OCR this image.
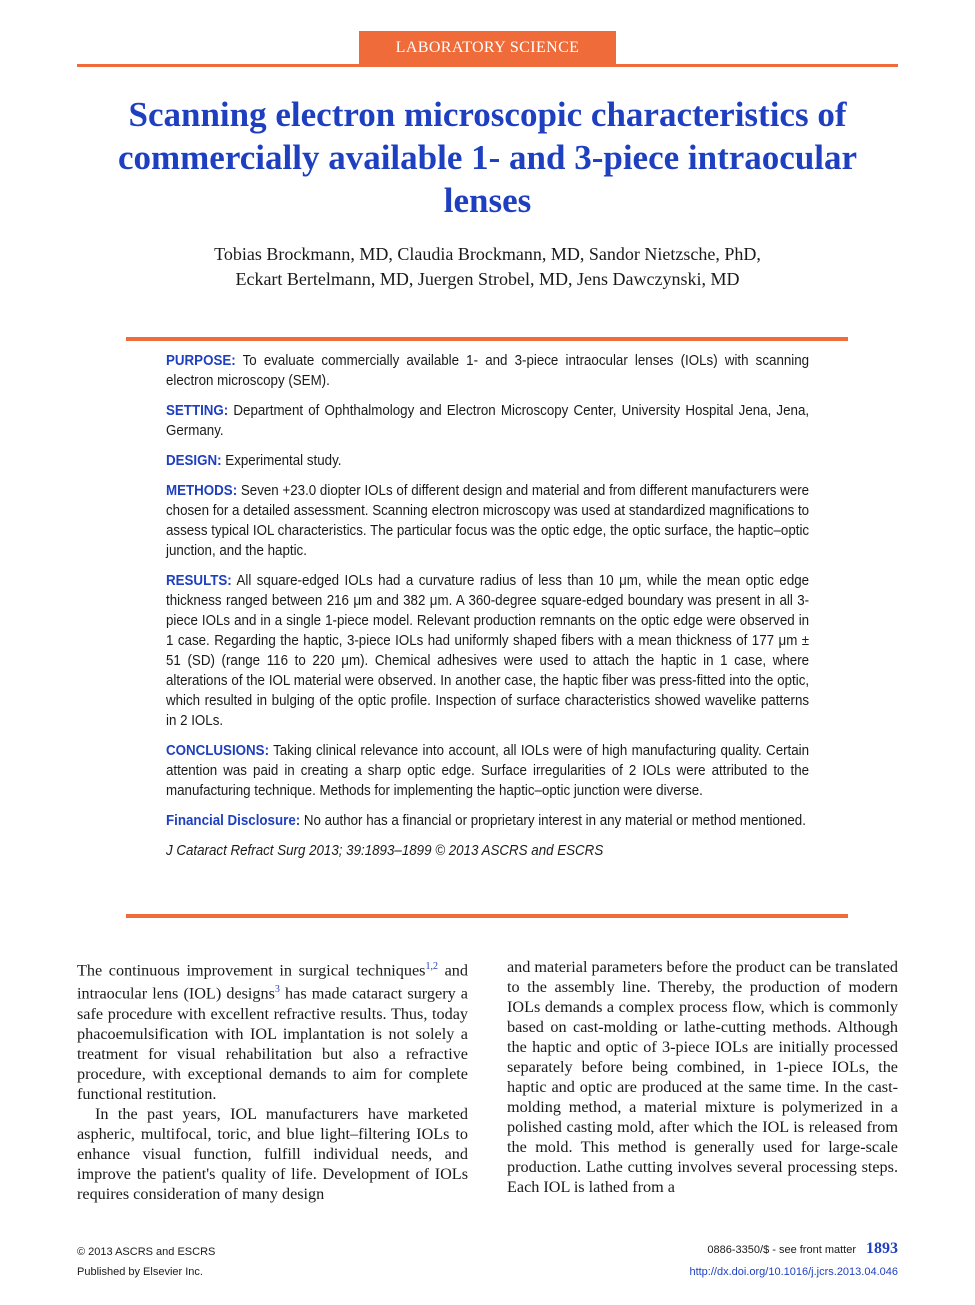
LABORATORY SCIENCE
Scanning electron microscopic characteristics of commercially available 1- and 3-piece intraocular lenses
Tobias Brockmann, MD, Claudia Brockmann, MD, Sandor Nietzsche, PhD,
Eckart Bertelmann, MD, Juergen Strobel, MD, Jens Dawczynski, MD

PURPOSE: To evaluate commercially available 1- and 3-piece intraocular lenses (IOLs) with scanning electron microscopy (SEM).

SETTING: Department of Ophthalmology and Electron Microscopy Center, University Hospital Jena, Jena, Germany.

DESIGN: Experimental study.

METHODS: Seven +23.0 diopter IOLs of different design and material and from different manufacturers were chosen for a detailed assessment. Scanning electron microscopy was used at standardized magnifications to assess typical IOL characteristics. The particular focus was the optic edge, the optic surface, the haptic–optic junction, and the haptic.

RESULTS: All square-edged IOLs had a curvature radius of less than 10 μm, while the mean optic edge thickness ranged between 216 μm and 382 μm. A 360-degree square-edged boundary was present in all 3-piece IOLs and in a single 1-piece model. Relevant production remnants on the optic edge were observed in 1 case. Regarding the haptic, 3-piece IOLs had uniformly shaped fibers with a mean thickness of 177 μm ± 51 (SD) (range 116 to 220 μm). Chemical adhesives were used to attach the haptic in 1 case, where alterations of the IOL material were observed. In another case, the haptic fiber was press-fitted into the optic, which resulted in bulging of the optic profile. Inspection of surface characteristics showed wavelike patterns in 2 IOLs.

CONCLUSIONS: Taking clinical relevance into account, all IOLs were of high manufacturing quality. Certain attention was paid in creating a sharp optic edge. Surface irregularities of 2 IOLs were attributed to the manufacturing technique. Methods for implementing the haptic–optic junction were diverse.

Financial Disclosure: No author has a financial or proprietary interest in any material or method mentioned.

J Cataract Refract Surg 2013; 39:1893–1899 © 2013 ASCRS and ESCRS

The continuous improvement in surgical techniques$^{1,2}$ and intraocular lens (IOL) designs$^3$ has made cataract surgery a safe procedure with excellent refractive results. Thus, today phacoemulsification with IOL implantation is not solely a treatment for visual rehabilitation but also a refractive procedure, with exceptional demands to aim for complete functional restitution.

In the past years, IOL manufacturers have marketed aspheric, multifocal, toric, and blue light–filtering IOLs to enhance visual function, fulfill individual needs, and improve the patient's quality of life. Development of IOLs requires consideration of many design

and material parameters before the product can be translated to the assembly line. Thereby, the production of modern IOLs demands a complex process flow, which is commonly based on cast-molding or lathe-cutting methods. Although the haptic and optic of 3-piece IOLs are initially processed separately before being combined, in 1-piece IOLs, the haptic and optic are produced at the same time. In the cast-molding method, a material mixture is polymerized in a polished casting mold, after which the IOL is released from the mold. This method is generally used for large-scale production. Lathe cutting involves several processing steps. Each IOL is lathed from a

© 2013 ASCRS and ESCRS
Published by Elsevier Inc.
0886-3350/$ - see front matter 1893
http://dx.doi.org/10.1016/j.jcrs.2013.04.046
